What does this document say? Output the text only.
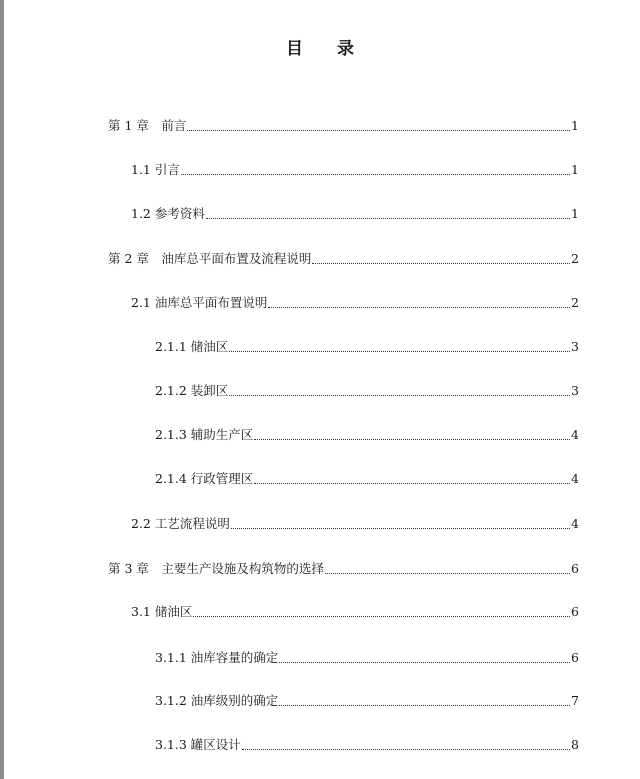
目 录
第 1 章　前言	1
1.1 引言	1
1.2 参考资料	1
第 2 章　油库总平面布置及流程说明	2
2.1 油库总平面布置说明	2
2.1.1 储油区	3
2.1.2 装卸区	3
2.1.3 辅助生产区	4
2.1.4 行政管理区	4
2.2 工艺流程说明	4
第 3 章　主要生产设施及构筑物的选择	6
3.1 储油区	6
3.1.1 油库容量的确定	6
3.1.2 油库级别的确定	7
3.1.3 罐区设计	8
